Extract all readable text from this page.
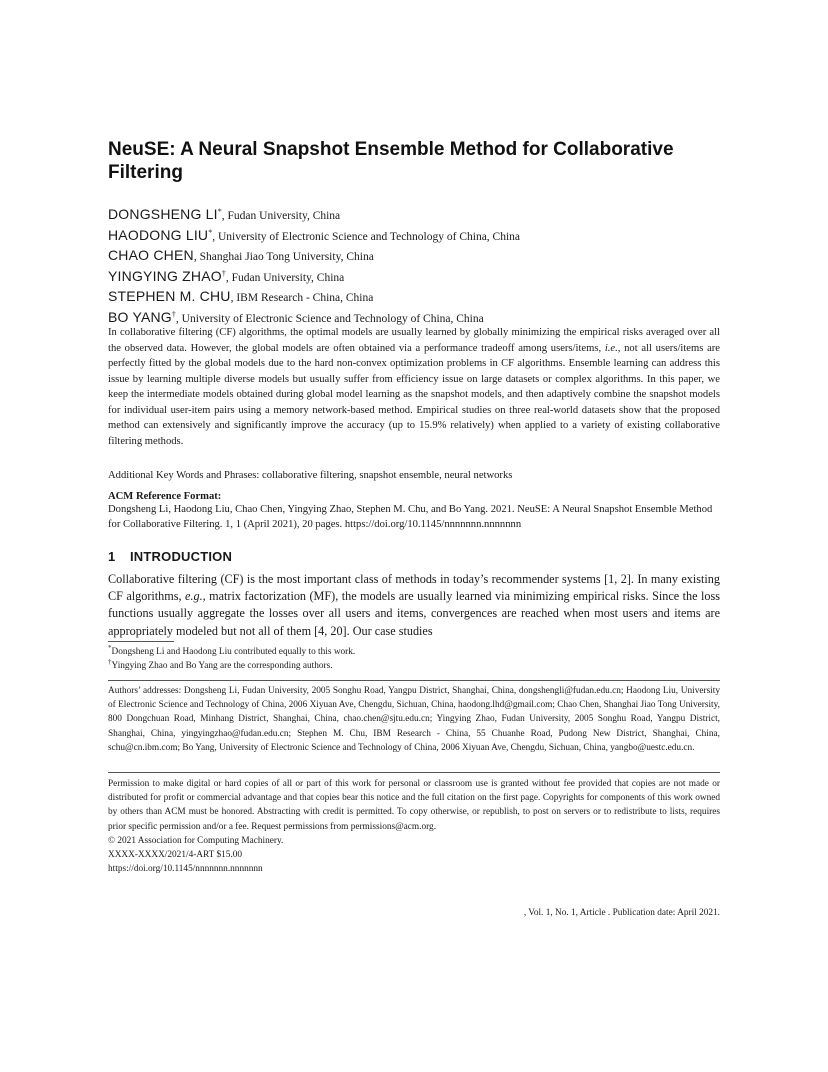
NeuSE: A Neural Snapshot Ensemble Method for Collaborative Filtering
DONGSHENG LI*, Fudan University, China
HAODONG LIU*, University of Electronic Science and Technology of China, China
CHAO CHEN, Shanghai Jiao Tong University, China
YINGYING ZHAO†, Fudan University, China
STEPHEN M. CHU, IBM Research - China, China
BO YANG†, University of Electronic Science and Technology of China, China

In collaborative filtering (CF) algorithms, the optimal models are usually learned by globally minimizing the empirical risks averaged over all the observed data. However, the global models are often obtained via a performance tradeoff among users/items, i.e., not all users/items are perfectly fitted by the global models due to the hard non-convex optimization problems in CF algorithms. Ensemble learning can address this issue by learning multiple diverse models but usually suffer from efficiency issue on large datasets or complex algorithms. In this paper, we keep the intermediate models obtained during global model learning as the snapshot models, and then adaptively combine the snapshot models for individual user-item pairs using a memory network-based method. Empirical studies on three real-world datasets show that the proposed method can extensively and significantly improve the accuracy (up to 15.9% relatively) when applied to a variety of existing collaborative filtering methods.

Additional Key Words and Phrases: collaborative filtering, snapshot ensemble, neural networks

ACM Reference Format:

Dongsheng Li, Haodong Liu, Chao Chen, Yingying Zhao, Stephen M. Chu, and Bo Yang. 2021. NeuSE: A Neural Snapshot Ensemble Method for Collaborative Filtering. 1, 1 (April 2021), 20 pages. https://doi.org/10.1145/nnnnnnn.nnnnnnn

1 INTRODUCTION

Collaborative filtering (CF) is the most important class of methods in today’s recommender systems [1, 2]. In many existing CF algorithms, e.g., matrix factorization (MF), the models are usually learned via minimizing empirical risks. Since the loss functions usually aggregate the losses over all users and items, convergences are reached when most users and items are appropriately modeled but not all of them [4, 20]. Our case studies

*Dongsheng Li and Haodong Liu contributed equally to this work.
†Yingying Zhao and Bo Yang are the corresponding authors.

Authors’ addresses: Dongsheng Li, Fudan University, 2005 Songhu Road, Yangpu District, Shanghai, China, dongshengli@fudan.edu.cn; Haodong Liu, University of Electronic Science and Technology of China, 2006 Xiyuan Ave, Chengdu, Sichuan, China, haodong.lhd@gmail.com; Chao Chen, Shanghai Jiao Tong University, 800 Dongchuan Road, Minhang District, Shanghai, China, chao.chen@sjtu.edu.cn; Yingying Zhao, Fudan University, 2005 Songhu Road, Yangpu District, Shanghai, China, yingyingzhao@fudan.edu.cn; Stephen M. Chu, IBM Research - China, 55 Chuanhe Road, Pudong New District, Shanghai, China, schu@cn.ibm.com; Bo Yang, University of Electronic Science and Technology of China, 2006 Xiyuan Ave, Chengdu, Sichuan, China, yangbo@uestc.edu.cn.

Permission to make digital or hard copies of all or part of this work for personal or classroom use is granted without fee provided that copies are not made or distributed for profit or commercial advantage and that copies bear this notice and the full citation on the first page. Copyrights for components of this work owned by others than ACM must be honored. Abstracting with credit is permitted. To copy otherwise, or republish, to post on servers or to redistribute to lists, requires prior specific permission and/or a fee. Request permissions from permissions@acm.org.
© 2021 Association for Computing Machinery.
XXXX-XXXX/2021/4-ART $15.00
https://doi.org/10.1145/nnnnnnn.nnnnnnn
, Vol. 1, No. 1, Article . Publication date: April 2021.
